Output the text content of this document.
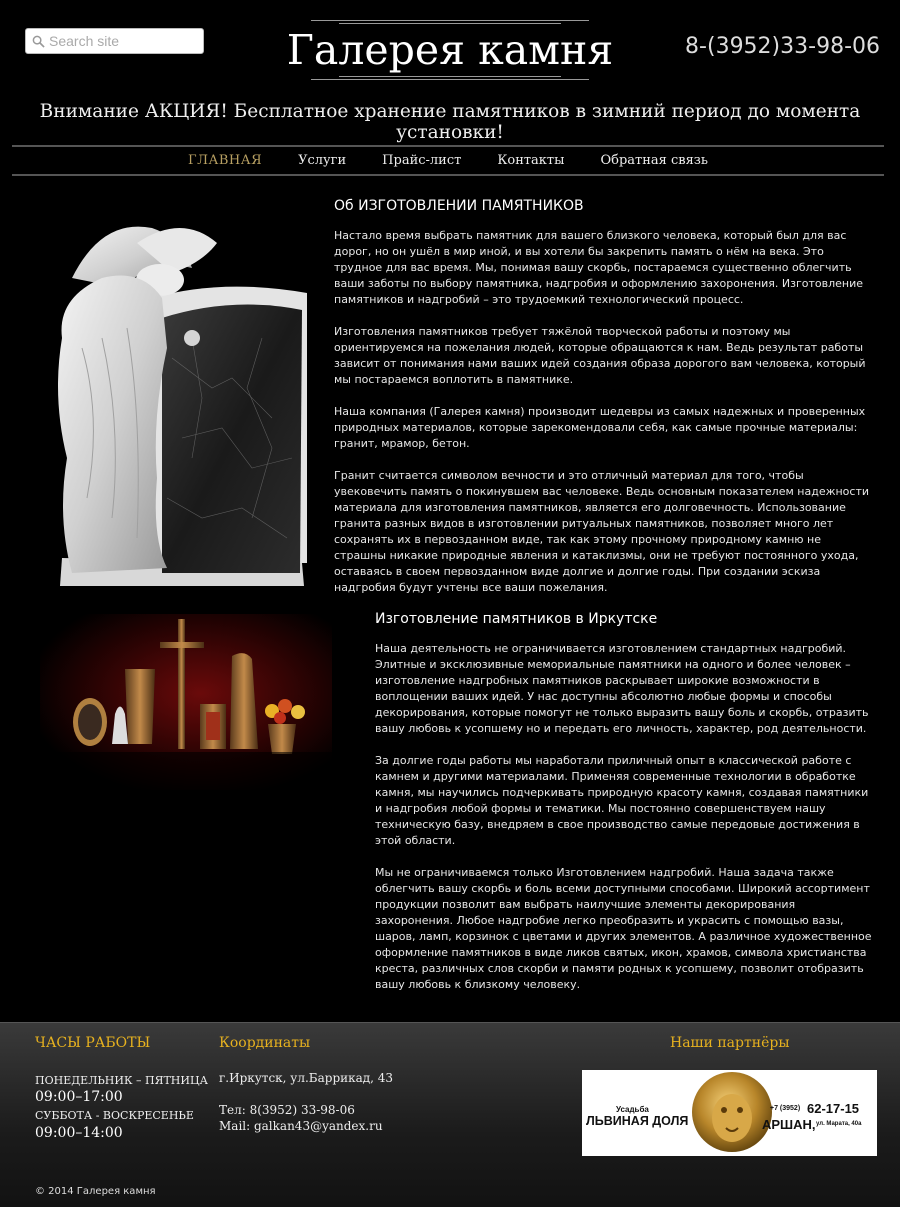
Search site
Галерея камня	8-(3952)33-98-06
Внимание АКЦИЯ! Бесплатное хранение памятников в зимний период до момента установки!
ГЛАВНАЯ	Услуги	Прайс-лист	Контакты	Обратная связь
Об ИЗГОТОВЛЕНИИ ПАМЯТНИКОВ

Настало время выбрать памятник для вашего близкого человека, который был для вас дорог, но он ушёл в мир иной, и вы хотели бы закрепить память о нём на века. Это трудное для вас время. Мы, понимая вашу скорбь, постараемся существенно облегчить ваши заботы по выбору памятника, надгробия и оформлению захоронения. Изготовление памятников и надгробий – это трудоемкий технологический процесс.

Изготовления памятников требует тяжёлой творческой работы и поэтому мы ориентируемся на пожелания людей, которые обращаются к нам. Ведь результат работы зависит от понимания нами ваших идей создания образа дорогого вам человека, который мы постараемся воплотить в памятнике.

Наша компания (Галерея камня) производит шедевры из самых надежных и проверенных природных материалов, которые зарекомендовали себя, как самые прочные материалы: гранит, мрамор, бетон.

Гранит считается символом вечности и это отличный материал для того, чтобы увековечить память о покинувшем вас человеке. Ведь основным показателем надежности материала для изготовления памятников, является его долговечность. Использование гранита разных видов в изготовлении ритуальных памятников, позволяет много лет сохранять их в первозданном виде, так как этому прочному природному камню не страшны никакие природные явления и катаклизмы, они не требуют постоянного ухода, оставаясь в своем первозданном виде долгие и долгие годы. При создании эскиза надгробия будут учтены все ваши пожелания.

Изготовление памятников в Иркутске

Наша деятельность не ограничивается изготовлением стандартных надгробий. Элитные и эксклюзивные мемориальные памятники на одного и более человек – изготовление надгробных памятников раскрывает широкие возможности в воплощении ваших идей. У нас доступны абсолютно любые формы и способы декорирования, которые помогут не только выразить вашу боль и скорбь, отразить вашу любовь к усопшему но и передать его личность, характер, род деятельности.

За долгие годы работы мы наработали приличный опыт в классической работе с камнем и другими материалами. Применяя современные технологии в обработке камня, мы научились подчеркивать природную красоту камня, создавая памятники и надгробия любой формы и тематики. Мы постоянно совершенствуем нашу техническую базу, внедряем в свое производство самые передовые достижения в этой области.

Мы не ограничиваемся только Изготовлением надгробий. Наша задача также облегчить вашу скорбь и боль всеми доступными способами. Широкий ассортимент продукции позволит вам выбрать наилучшие элементы декорирования захоронения. Любое надгробие легко преобразить и украсить с помощью вазы, шаров, ламп, корзинок с цветами и других элементов. А различное художественное оформление памятников в виде ликов святых, икон, храмов, символа христианства креста, различных слов скорби и памяти родных к усопшему, позволит отобразить вашу любовь к близкому человеку.

ЧАСЫ РАБОТЫ
ПОНЕДЕЛЬНИК – ПЯТНИЦА
09:00–17:00
СУББОТА - ВОСКРЕСЕНЬЕ
09:00–14:00
Координаты
г.Иркутск, ул.Баррикад, 43
Тел: 8(3952) 33-98-06
Mail: galkan43@yandex.ru
Наши партнёры
Усадьба
ЛЬВИНАЯ ДОЛЯ
+7 (3952) 62-17-15
АРШАН, ул. Марата, 40а
© 2014 Галерея камня
